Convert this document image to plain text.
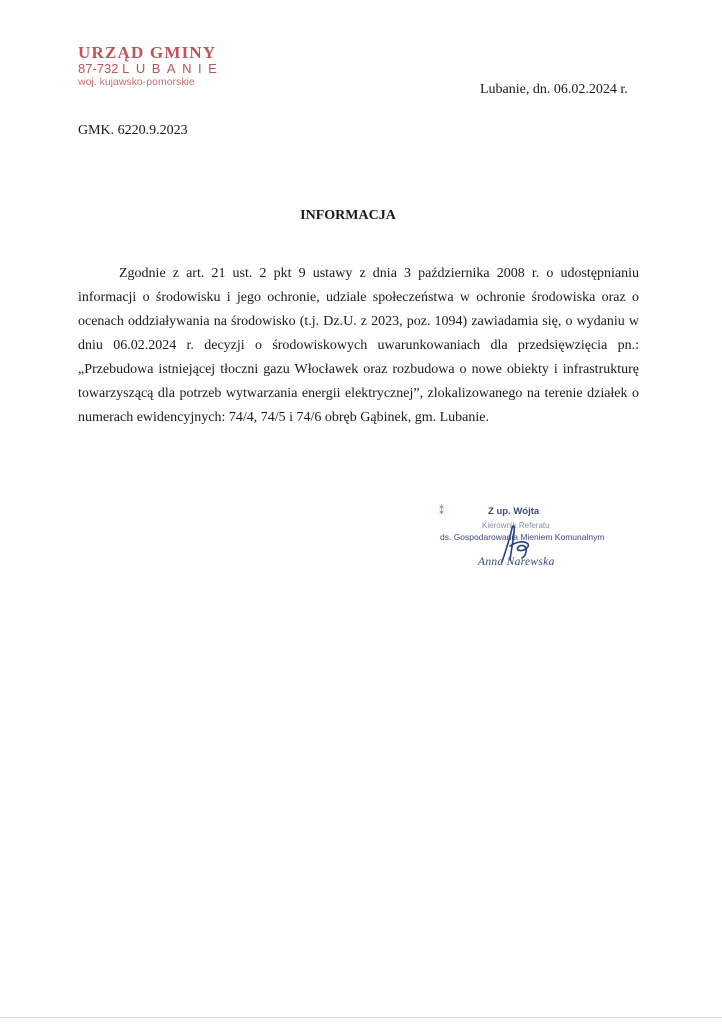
URZĄD GMINY
87-732 LUBANIE
woj. kujawsko-pomorskie	Lubanie, dn. 06.02.2024 r.
GMK. 6220.9.2023
INFORMACJA

Zgodnie z art. 21 ust. 2 pkt 9 ustawy z dnia 3 października 2008 r. o udostępnianiu informacji o środowisku i jego ochronie, udziale społeczeństwa w ochronie środowiska oraz o ocenach oddziaływania na środowisko (t.j. Dz.U. z 2023, poz. 1094) zawiadamia się, o wydaniu w dniu 06.02.2024 r. decyzji o środowiskowych uwarunkowaniach dla przedsięwzięcia pn.: „Przebudowa istniejącej tłoczni gazu Włocławek oraz rozbudowa o nowe obiekty i infrastrukturę towarzyszącą dla potrzeb wytwarzania energii elektrycznej”, zlokalizowanego na terenie działek o numerach ewidencyjnych: 74/4, 74/5 i 74/6 obręb Gąbinek, gm. Lubanie.

⁑	Z up. Wójta
Kierownik Referatu
ds. Gospodarowania Mieniem Komunalnym
Anna Narewska
